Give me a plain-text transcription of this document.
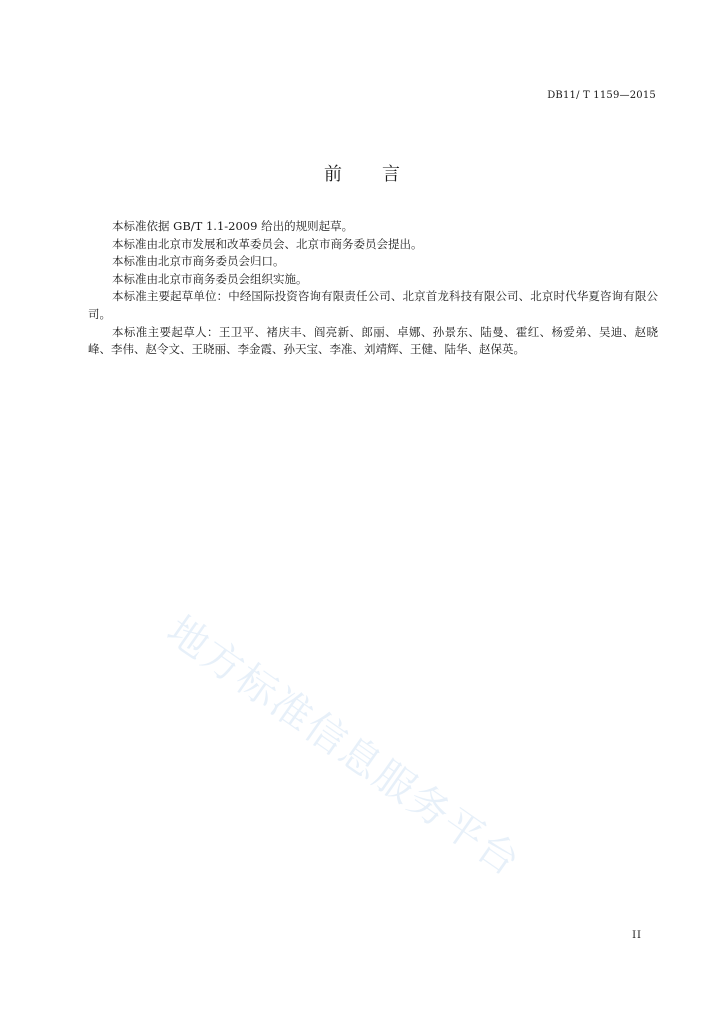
DB11/ T 1159—2015
前言

本标准依据 GB/T 1.1-2009 给出的规则起草。

本标准由北京市发展和改革委员会、北京市商务委员会提出。

本标准由北京市商务委员会归口。

本标准由北京市商务委员会组织实施。

本标准主要起草单位：中经国际投资咨询有限责任公司、北京首龙科技有限公司、北京时代华夏咨询有限公司。

本标准主要起草人：王卫平、褚庆丰、阎亮新、郎丽、卓娜、孙景东、陆曼、霍红、杨爱弟、吴迪、赵晓峰、李伟、赵令文、王晓丽、李金霞、孙天宝、李准、刘靖辉、王健、陆华、赵保英。

地方标准信息服务平台
II
